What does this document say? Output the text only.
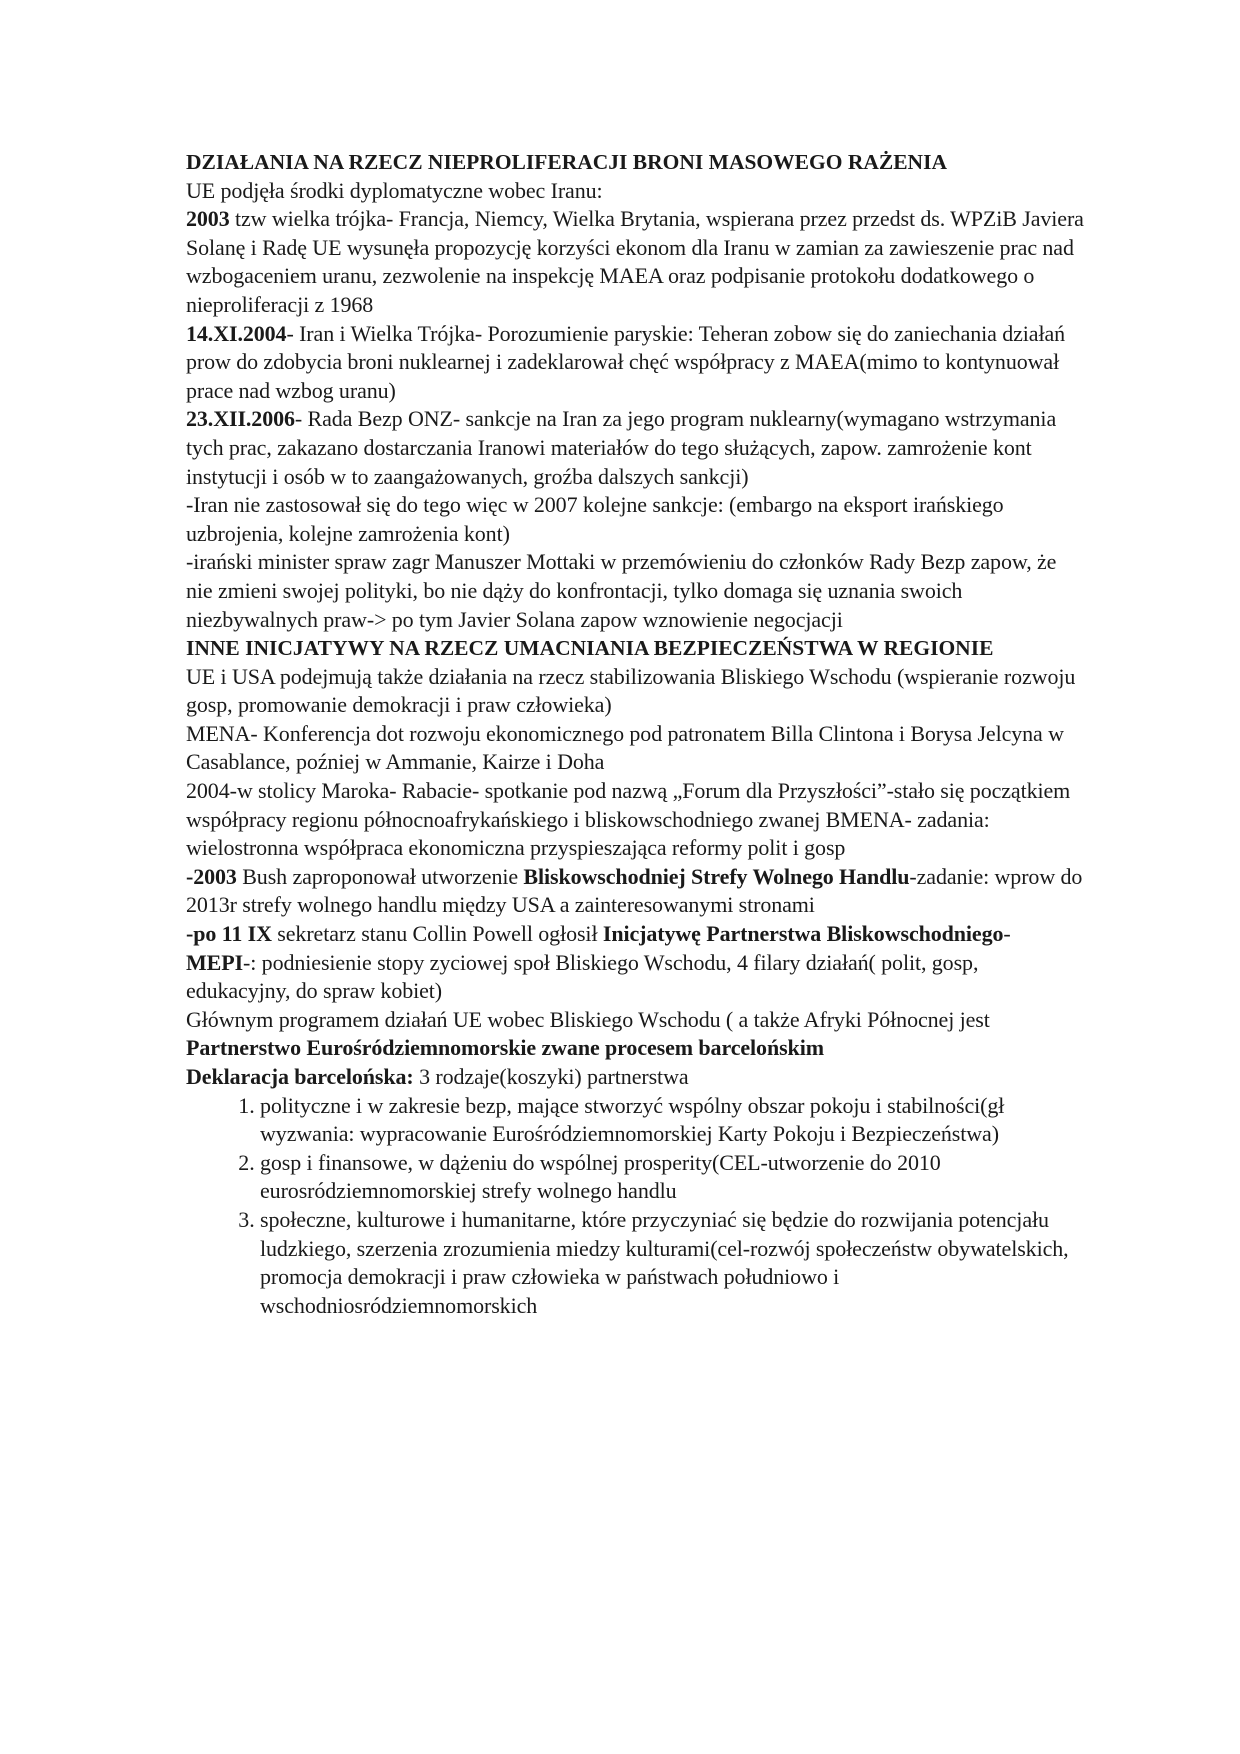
DZIAŁANIA NA RZECZ NIEPROLIFERACJI BRONI MASOWEGO RAŻENIA

UE podjęła środki dyplomatyczne wobec Iranu:

2003 tzw wielka trójka- Francja, Niemcy, Wielka Brytania, wspierana przez przedst ds. WPZiB Javiera Solanę i Radę UE wysunęła propozycję korzyści ekonom dla Iranu w zamian za zawieszenie prac nad wzbogaceniem uranu, zezwolenie na inspekcję MAEA oraz podpisanie protokołu dodatkowego o nieproliferacji z 1968

14.XI.2004- Iran i Wielka Trójka- Porozumienie paryskie: Teheran zobow się do zaniechania działań prow do zdobycia broni nuklearnej i zadeklarował chęć współpracy z MAEA(mimo to kontynuował prace nad wzbog uranu)

23.XII.2006- Rada Bezp ONZ- sankcje na Iran za jego program nuklearny(wymagano wstrzymania tych prac, zakazano dostarczania Iranowi materiałów do tego służących, zapow. zamrożenie kont instytucji i osób w to zaangażowanych, groźba dalszych sankcji)

-Iran nie zastosował się do tego więc w 2007 kolejne sankcje: (embargo na eksport irańskiego uzbrojenia, kolejne zamrożenia kont)

-irański minister spraw zagr Manuszer Mottaki w przemówieniu do członków Rady Bezp zapow, że nie zmieni swojej polityki, bo nie dąży do konfrontacji, tylko domaga się uznania swoich niezbywalnych praw-> po tym Javier Solana zapow wznowienie negocjacji

INNE INICJATYWY NA RZECZ UMACNIANIA BEZPIECZEŃSTWA W REGIONIE

UE i USA podejmują także działania na rzecz stabilizowania Bliskiego Wschodu (wspieranie rozwoju gosp, promowanie demokracji i praw człowieka)

MENA- Konferencja dot rozwoju ekonomicznego pod patronatem Billa Clintona i Borysa Jelcyna w Casablance, poźniej w Ammanie, Kairze i Doha

2004-w stolicy Maroka- Rabacie- spotkanie pod nazwą „Forum dla Przyszłości”-stało się początkiem współpracy regionu północnoafrykańskiego i bliskowschodniego zwanej BMENA- zadania: wielostronna współpraca ekonomiczna przyspieszająca reformy polit i gosp

-2003 Bush zaproponował utworzenie Bliskowschodniej Strefy Wolnego Handlu-zadanie: wprow do 2013r strefy wolnego handlu między USA a zainteresowanymi stronami

-po 11 IX sekretarz stanu Collin Powell ogłosił Inicjatywę Partnerstwa Bliskowschodniego- MEPI-: podniesienie stopy zyciowej społ Bliskiego Wschodu, 4 filary działań( polit, gosp, edukacyjny, do spraw kobiet)

Głównym programem działań UE wobec Bliskiego Wschodu ( a także Afryki Północnej jest Partnerstwo Eurośródziemnomorskie zwane procesem barcelońskim

Deklaracja barcelońska: 3 rodzaje(koszyki) partnerstwa

1. polityczne i w zakresie bezp, mające stworzyć wspólny obszar pokoju i stabilności(gł wyzwania: wypracowanie Eurośródziemnomorskiej Karty Pokoju i Bezpieczeństwa)
2. gosp i finansowe, w dążeniu do wspólnej prosperity(CEL-utworzenie do 2010 eurosródziemnomorskiej strefy wolnego handlu
3. społeczne, kulturowe i humanitarne, które przyczyniać się będzie do rozwijania potencjału ludzkiego, szerzenia zrozumienia miedzy kulturami(cel-rozwój społeczeństw obywatelskich, promocja demokracji i praw człowieka w państwach południowo i wschodniosródziemnomorskich
